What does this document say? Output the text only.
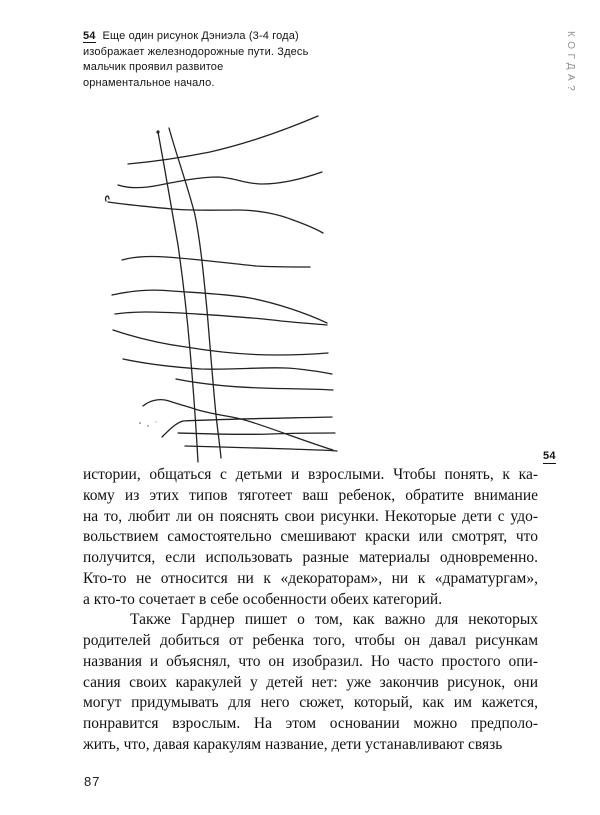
54 Еще один рисунок Дэниэла (3-4 года) изображает железнодорожные пути. Здесь мальчик проявил развитое орнаментальное начало.	КОГДА?
54
истории, общаться с детьми и взрослыми. Чтобы понять, к ка-
кому из этих типов тяготеет ваш ребенок, обратите внимание
на то, любит ли он пояснять свои рисунки. Некоторые дети с удо-
вольствием самостоятельно смешивают краски или смотрят, что
получится, если использовать разные материалы одновременно.
Кто-то не относится ни к «декораторам», ни к «драматургам»,
а кто-то сочетает в себе особенности обеих категорий.
Также Гарднер пишет о том, как важно для некоторых
родителей добиться от ребенка того, чтобы он давал рисункам
названия и объяснял, что он изобразил. Но часто простого опи-
сания своих каракулей у детей нет: уже закончив рисунок, они
могут придумывать для него сюжет, который, как им кажется,
понравится взрослым. На этом основании можно предполо-
жить, что, давая каракулям название, дети устанавливают связь
87
